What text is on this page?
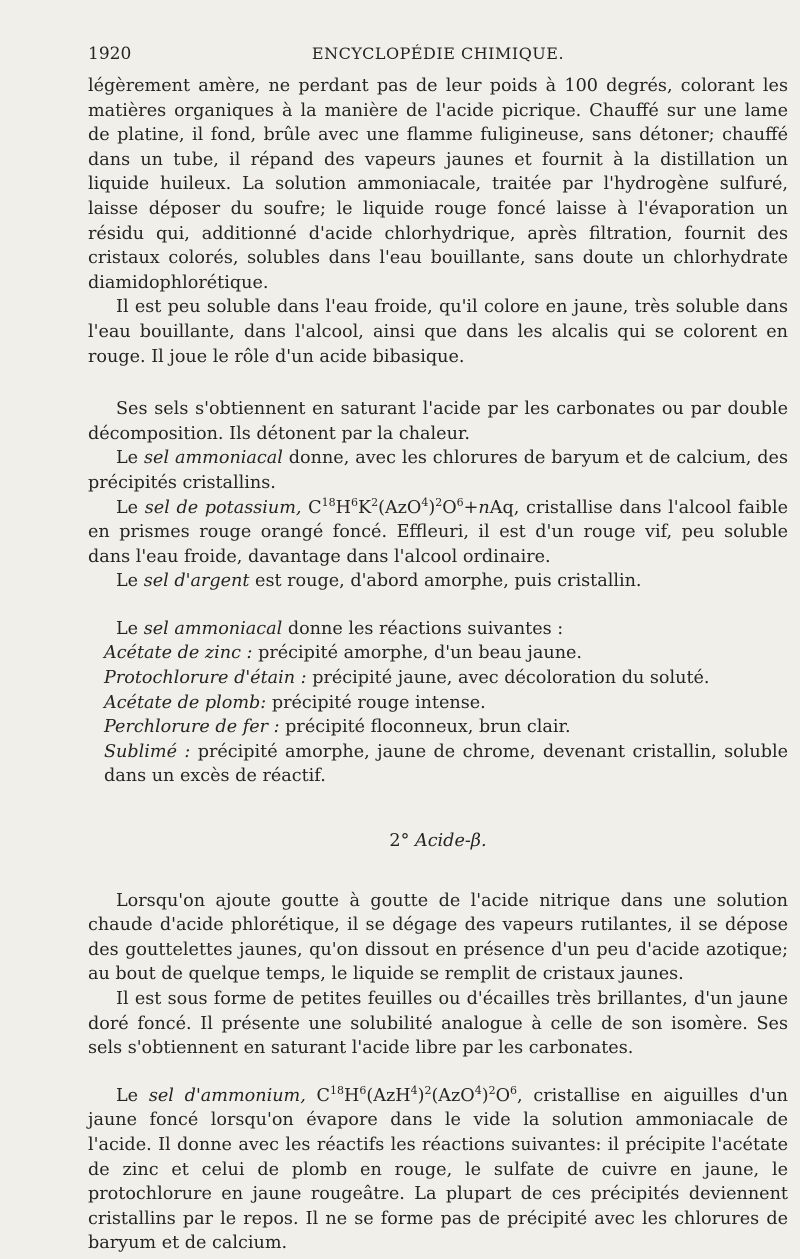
1920	ENCYCLOPÉDIE CHIMIQUE.

légèrement amère, ne perdant pas de leur poids à 100 degrés, colorant les matières organiques à la manière de l'acide picrique. Chauffé sur une lame de platine, il fond, brûle avec une flamme fuligineuse, sans détoner; chauffé dans un tube, il répand des vapeurs jaunes et fournit à la distillation un liquide huileux. La solution ammoniacale, traitée par l'hydrogène sulfuré, laisse déposer du soufre; le liquide rouge foncé laisse à l'évaporation un résidu qui, additionné d'acide chlorhydrique, après filtration, fournit des cristaux colorés, solubles dans l'eau bouillante, sans doute un chlorhydrate diamidophlorétique.

Il est peu soluble dans l'eau froide, qu'il colore en jaune, très soluble dans l'eau bouillante, dans l'alcool, ainsi que dans les alcalis qui se colorent en rouge. Il joue le rôle d'un acide bibasique.

Ses sels s'obtiennent en saturant l'acide par les carbonates ou par double décomposition. Ils détonent par la chaleur.

Le sel ammoniacal donne, avec les chlorures de baryum et de calcium, des précipités cristallins.

Le sel de potassium, $C^{18}H^6K^2(AzO^4)^2O^6+nAq$, cristallise dans l'alcool faible en prismes rouge orangé foncé. Effleuri, il est d'un rouge vif, peu soluble dans l'eau froide, davantage dans l'alcool ordinaire.

Le sel d'argent est rouge, d'abord amorphe, puis cristallin.

Le sel ammoniacal donne les réactions suivantes :

Acétate de zinc : précipité amorphe, d'un beau jaune.

Protochlorure d'étain : précipité jaune, avec décoloration du soluté.

Acétate de plomb: précipité rouge intense.

Perchlorure de fer : précipité floconneux, brun clair.

Sublimé : précipité amorphe, jaune de chrome, devenant cristallin, soluble dans un excès de réactif.

2° Acide-β.

Lorsqu'on ajoute goutte à goutte de l'acide nitrique dans une solution chaude d'acide phlorétique, il se dégage des vapeurs rutilantes, il se dépose des gouttelettes jaunes, qu'on dissout en présence d'un peu d'acide azotique; au bout de quelque temps, le liquide se remplit de cristaux jaunes.

Il est sous forme de petites feuilles ou d'écailles très brillantes, d'un jaune doré foncé. Il présente une solubilité analogue à celle de son isomère. Ses sels s'obtiennent en saturant l'acide libre par les carbonates.

Le sel d'ammonium, $C^{18}H^6(AzH^4)^2(AzO^4)^2O^6$, cristallise en aiguilles d'un jaune foncé lorsqu'on évapore dans le vide la solution ammoniacale de l'acide. Il donne avec les réactifs les réactions suivantes: il précipite l'acétate de zinc et celui de plomb en rouge, le sulfate de cuivre en jaune, le protochlorure en jaune rougeâtre. La plupart de ces précipités deviennent cristallins par le repos. Il ne se forme pas de précipité avec les chlorures de baryum et de calcium.
